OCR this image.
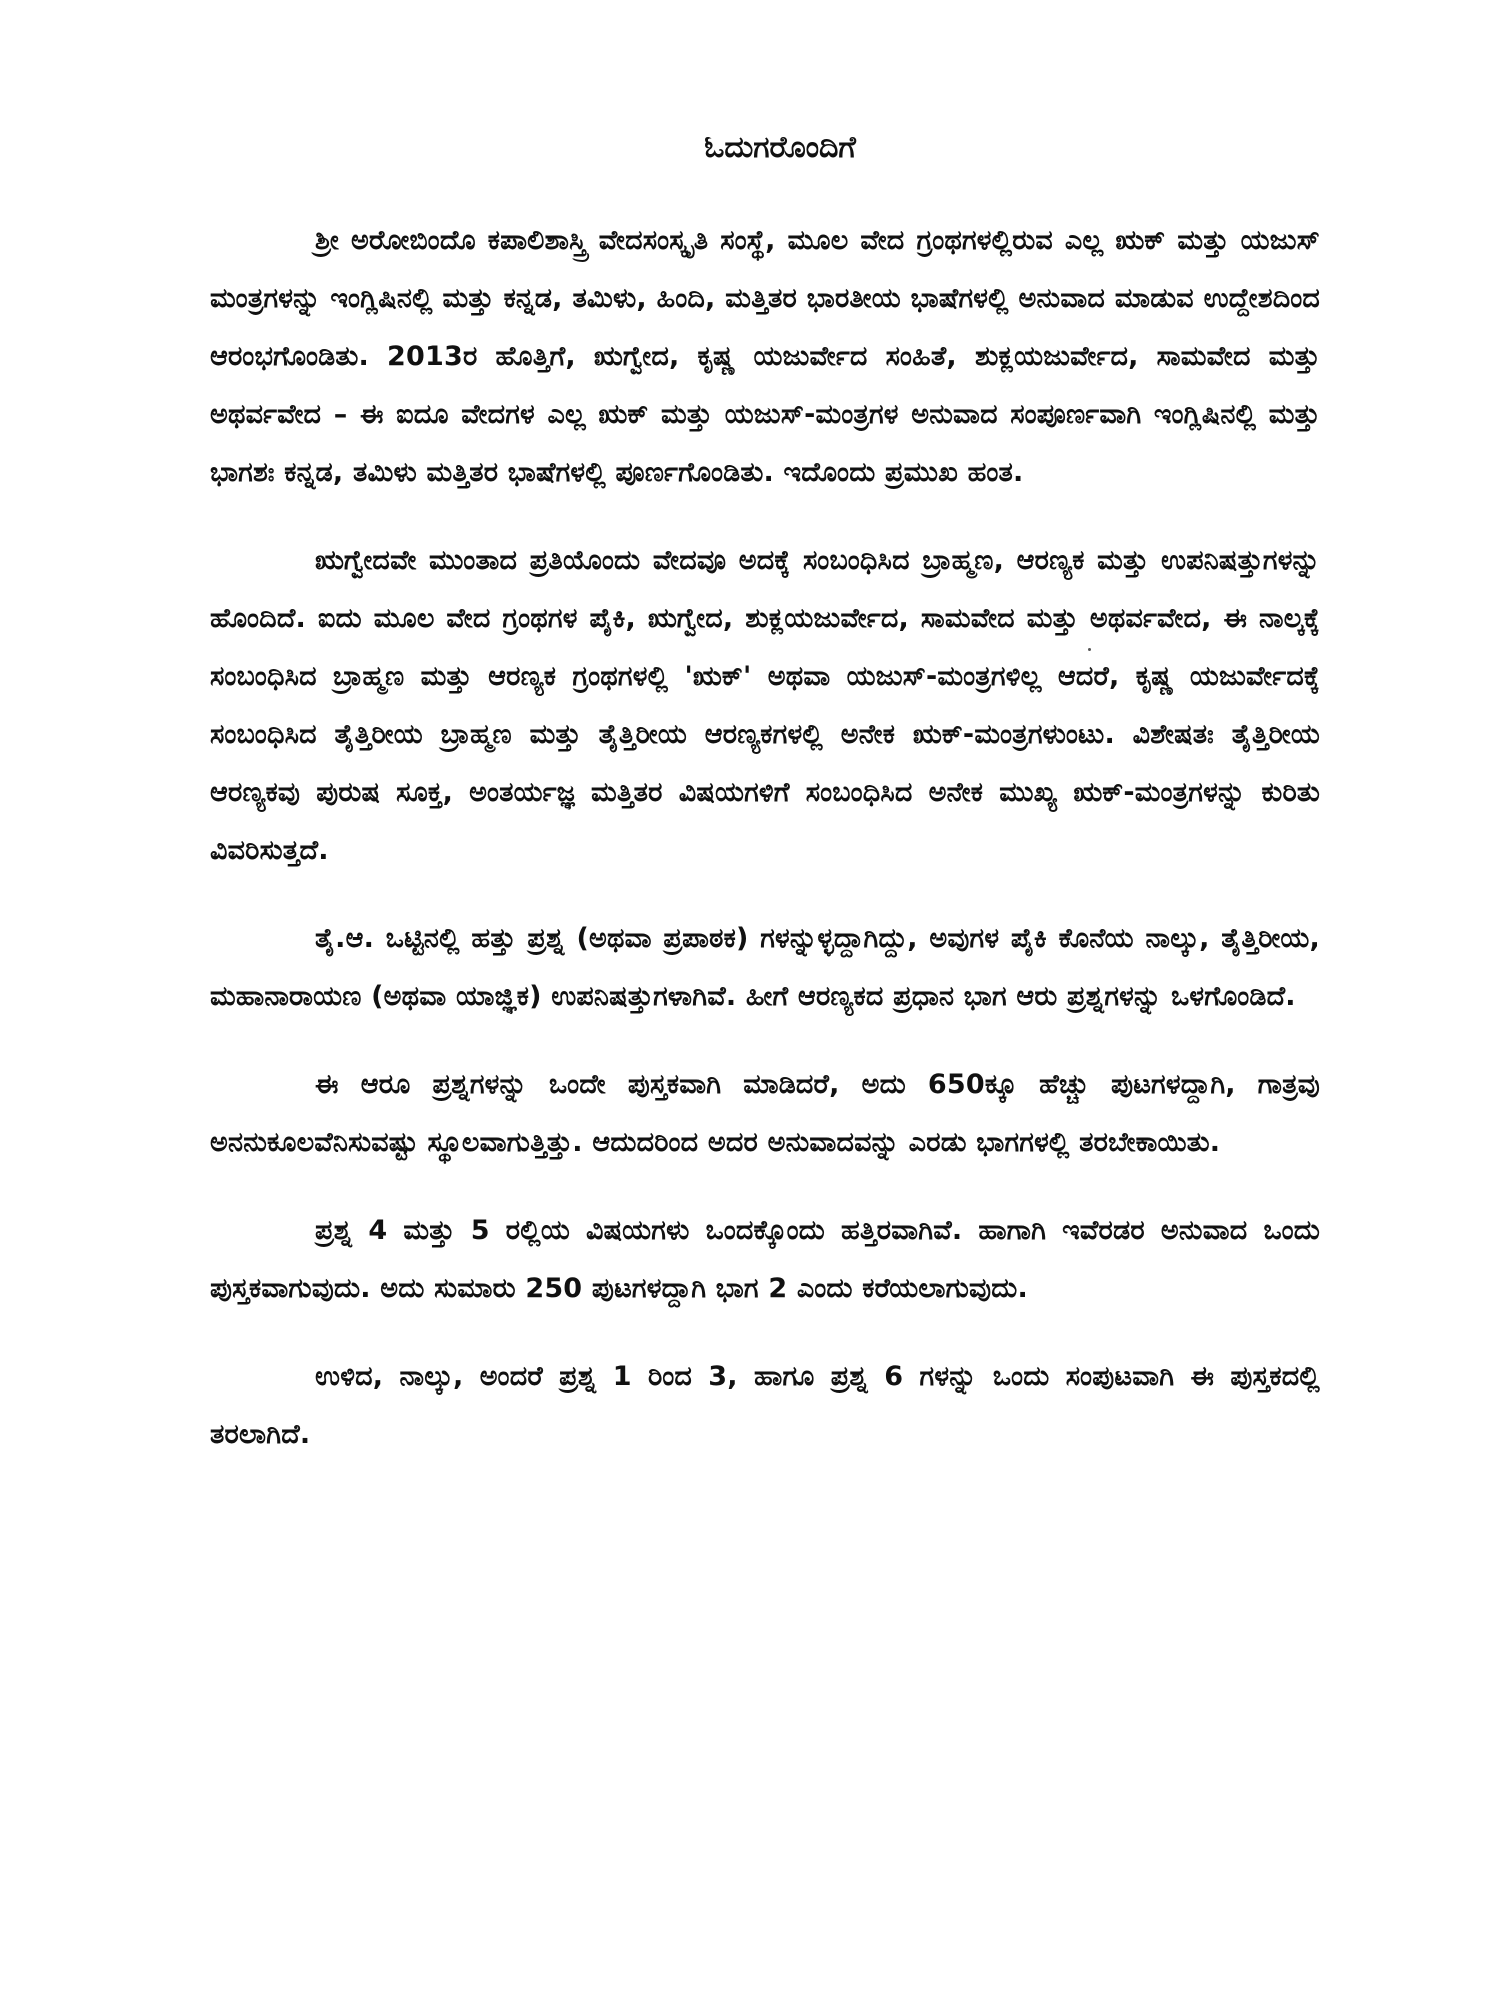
ಓದುಗರೊಂದಿಗೆ

ಶ್ರೀ ಅರೋಬಿಂದೊ ಕಪಾಲಿಶಾಸ್ತ್ರಿ ವೇದಸಂಸ್ಕೃತಿ ಸಂಸ್ಥೆ, ಮೂಲ ವೇದ ಗ್ರಂಥಗಳಲ್ಲಿರುವ ಎಲ್ಲ ಋಕ್ ಮತ್ತು ಯಜುಸ್ ಮಂತ್ರಗಳನ್ನು ಇಂಗ್ಲಿಷಿನಲ್ಲಿ ಮತ್ತು ಕನ್ನಡ, ತಮಿಳು, ಹಿಂದಿ, ಮತ್ತಿತರ ಭಾರತೀಯ ಭಾಷೆಗಳಲ್ಲಿ ಅನುವಾದ ಮಾಡುವ ಉದ್ದೇಶದಿಂದ ಆರಂಭಗೊಂಡಿತು. 2013ರ ಹೊತ್ತಿಗೆ, ಋಗ್ವೇದ, ಕೃಷ್ಣ ಯಜುರ್ವೇದ ಸಂಹಿತೆ, ಶುಕ್ಲಯಜುರ್ವೇದ, ಸಾಮವೇದ ಮತ್ತು ಅಥರ್ವವೇದ – ಈ ಐದೂ ವೇದಗಳ ಎಲ್ಲ ಋಕ್ ಮತ್ತು ಯಜುಸ್-ಮಂತ್ರಗಳ ಅನುವಾದ ಸಂಪೂರ್ಣವಾಗಿ ಇಂಗ್ಲಿಷಿನಲ್ಲಿ ಮತ್ತು ಭಾಗಶಃ ಕನ್ನಡ, ತಮಿಳು ಮತ್ತಿತರ ಭಾಷೆಗಳಲ್ಲಿ ಪೂರ್ಣಗೊಂಡಿತು. ಇದೊಂದು ಪ್ರಮುಖ ಹಂತ.

ಋಗ್ವೇದವೇ ಮುಂತಾದ ಪ್ರತಿಯೊಂದು ವೇದವೂ ಅದಕ್ಕೆ ಸಂಬಂಧಿಸಿದ ಬ್ರಾಹ್ಮಣ, ಆರಣ್ಯಕ ಮತ್ತು ಉಪನಿಷತ್ತುಗಳನ್ನು ಹೊಂದಿದೆ. ಐದು ಮೂಲ ವೇದ ಗ್ರಂಥಗಳ ಪೈಕಿ, ಋಗ್ವೇದ, ಶುಕ್ಲಯಜುರ್ವೇದ, ಸಾಮವೇದ ಮತ್ತು ಅಥರ್ವವೇದ, ಈ ನಾಲ್ಕಕ್ಕೆ ಸಂಬಂಧಿಸಿದ ಬ್ರಾಹ್ಮಣ ಮತ್ತು ಆರಣ್ಯಕ ಗ್ರಂಥಗಳಲ್ಲಿ 'ಋಕ್' ಅಥವಾ ಯಜುಸ್-ಮಂತ್ರಗಳಿಲ್ಲ ಆದರೆ, ಕೃಷ್ಣ ಯಜುರ್ವೇದಕ್ಕೆ ಸಂಬಂಧಿಸಿದ ತೈತ್ತಿರೀಯ ಬ್ರಾಹ್ಮಣ ಮತ್ತು ತೈತ್ತಿರೀಯ ಆರಣ್ಯಕಗಳಲ್ಲಿ ಅನೇಕ ಋಕ್-ಮಂತ್ರಗಳುಂಟು. ವಿಶೇಷತಃ ತೈತ್ತಿರೀಯ ಆರಣ್ಯಕವು ಪುರುಷ ಸೂಕ್ತ, ಅಂತರ್ಯಜ್ಞ ಮತ್ತಿತರ ವಿಷಯಗಳಿಗೆ ಸಂಬಂಧಿಸಿದ ಅನೇಕ ಮುಖ್ಯ ಋಕ್-ಮಂತ್ರಗಳನ್ನು ಕುರಿತು ವಿವರಿಸುತ್ತದೆ.

ತೈ.ಆ. ಒಟ್ಟಿನಲ್ಲಿ ಹತ್ತು ಪ್ರಶ್ನ (ಅಥವಾ ಪ್ರಪಾಠಕ) ಗಳನ್ನುಳ್ಳದ್ದಾಗಿದ್ದು, ಅವುಗಳ ಪೈಕಿ ಕೊನೆಯ ನಾಲ್ಕು, ತೈತ್ತಿರೀಯ, ಮಹಾನಾರಾಯಣ (ಅಥವಾ ಯಾಜ್ಞಿಕ) ಉಪನಿಷತ್ತುಗಳಾಗಿವೆ. ಹೀಗೆ ಆರಣ್ಯಕದ ಪ್ರಧಾನ ಭಾಗ ಆರು ಪ್ರಶ್ನಗಳನ್ನು ಒಳಗೊಂಡಿದೆ.

ಈ ಆರೂ ಪ್ರಶ್ನಗಳನ್ನು ಒಂದೇ ಪುಸ್ತಕವಾಗಿ ಮಾಡಿದರೆ, ಅದು 650ಕ್ಕೂ ಹೆಚ್ಚು ಪುಟಗಳದ್ದಾಗಿ, ಗಾತ್ರವು ಅನನುಕೂಲವೆನಿಸುವಷ್ಟು ಸ್ಥೂಲವಾಗುತ್ತಿತ್ತು. ಆದುದರಿಂದ ಅದರ ಅನುವಾದವನ್ನು ಎರಡು ಭಾಗಗಳಲ್ಲಿ ತರಬೇಕಾಯಿತು.

ಪ್ರಶ್ನ 4 ಮತ್ತು 5 ರಲ್ಲಿಯ ವಿಷಯಗಳು ಒಂದಕ್ಕೊಂದು ಹತ್ತಿರವಾಗಿವೆ. ಹಾಗಾಗಿ ಇವೆರಡರ ಅನುವಾದ ಒಂದು ಪುಸ್ತಕವಾಗುವುದು. ಅದು ಸುಮಾರು 250 ಪುಟಗಳದ್ದಾಗಿ ಭಾಗ 2 ಎಂದು ಕರೆಯಲಾಗುವುದು.

ಉಳಿದ, ನಾಲ್ಕು, ಅಂದರೆ ಪ್ರಶ್ನ 1 ರಿಂದ 3, ಹಾಗೂ ಪ್ರಶ್ನ 6 ಗಳನ್ನು ಒಂದು ಸಂಪುಟವಾಗಿ ಈ ಪುಸ್ತಕದಲ್ಲಿ ತರಲಾಗಿದೆ.
